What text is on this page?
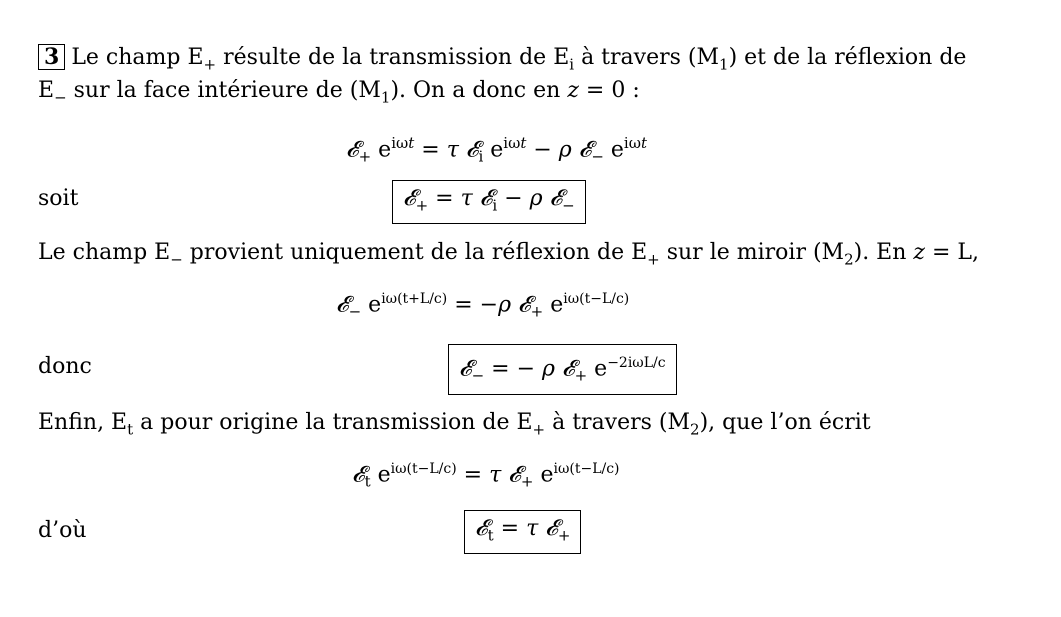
3 Le champ $E_+$ résulte de la transmission de $E_i$ à travers $(M_1)$ et de la réflexion de
$E_-$ sur la face intérieure de $(M_1)$. On a donc en z = 0 :
𝓔$_+$ $e^{i\omega t} = \tau$ 𝓔$_i$ $e^{i\omega t} - \rho$ 𝓔$_-$ $e^{i\omega t}$
soit	𝓔$_+$ = τ 𝓔$_i$ − ρ 𝓔$_-$
Le champ $E_-$ provient uniquement de la réflexion de $E_+$ sur le miroir $(M_2)$. En z = L,
𝓔$_-$ $e^{i\omega(t+L/c)} = -\rho$ 𝓔$_+$ $e^{i\omega(t-L/c)}$
donc	𝓔$_-$ = − ρ 𝓔$_+$ $e^{-2i\omega L/c}$
Enfin, $E_t$ a pour origine la transmission de $E_+$ à travers $(M_2)$, que l’on écrit
𝓔$_t$ $e^{i\omega(t-L/c)} = \tau$ 𝓔$_+$ $e^{i\omega(t-L/c)}$
d’où	𝓔$_t$ = τ 𝓔$_+$
